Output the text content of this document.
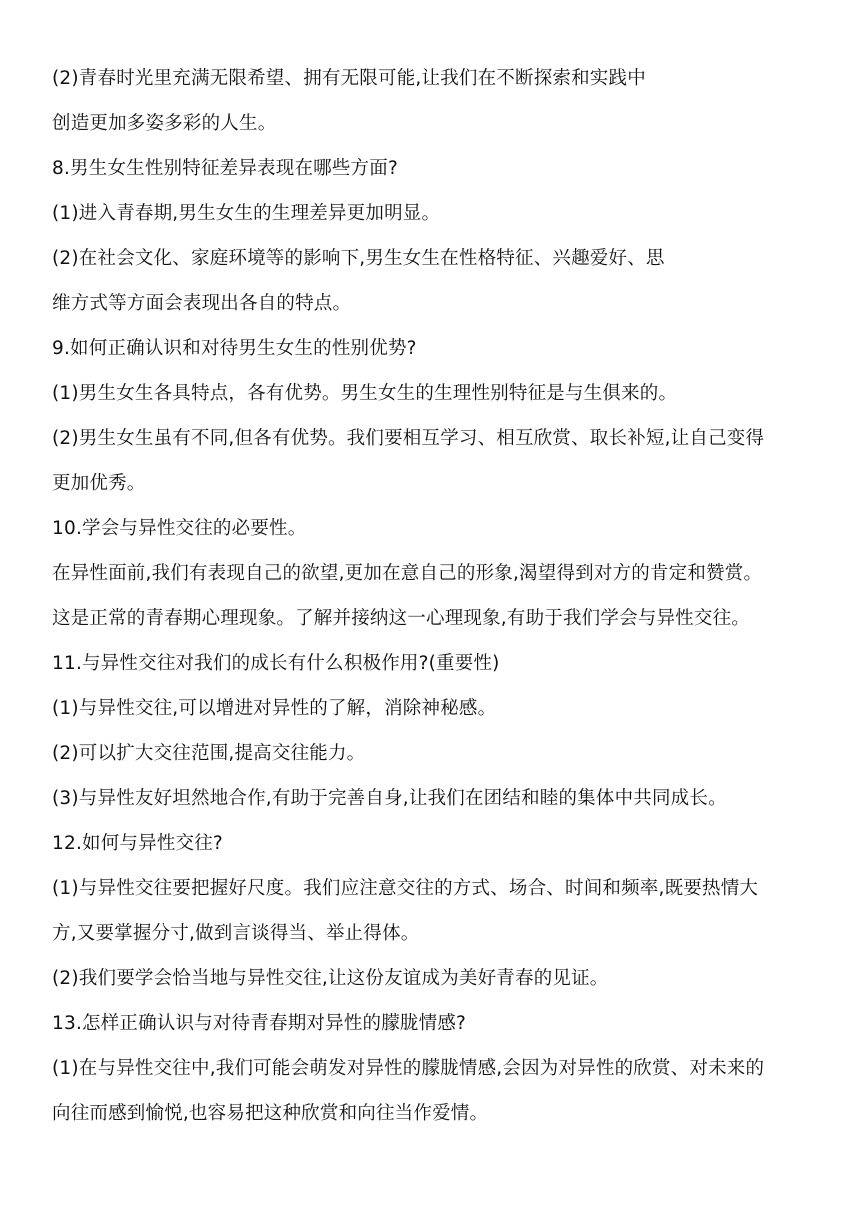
(2)青春时光里充满无限希望、拥有无限可能,让我们在不断探索和实践中
创造更加多姿多彩的人生。
8.男生女生性别特征差异表现在哪些方面?
(1)进入青春期,男生女生的生理差异更加明显。
(2)在社会文化、家庭环境等的影响下,男生女生在性格特征、兴趣爱好、思
维方式等方面会表现出各自的特点。
9.如何正确认识和对待男生女生的性别优势?
(1)男生女生各具特点，各有优势。男生女生的生理性别特征是与生俱来的。
(2)男生女生虽有不同,但各有优势。我们要相互学习、相互欣赏、取长补短,让自己变得
更加优秀。
10.学会与异性交往的必要性。
在异性面前,我们有表现自己的欲望,更加在意自己的形象,渴望得到对方的肯定和赞赏。
这是正常的青春期心理现象。了解并接纳这一心理现象,有助于我们学会与异性交往。
11.与异性交往对我们的成长有什么积极作用?(重要性)
(1)与异性交往,可以增进对异性的了解，消除神秘感。
(2)可以扩大交往范围,提高交往能力。
(3)与异性友好坦然地合作,有助于完善自身,让我们在团结和睦的集体中共同成长。
12.如何与异性交往?
(1)与异性交往要把握好尺度。我们应注意交往的方式、场合、时间和频率,既要热情大
方,又要掌握分寸,做到言谈得当、举止得体。
(2)我们要学会恰当地与异性交往,让这份友谊成为美好青春的见证。
13.怎样正确认识与对待青春期对异性的朦胧情感?
(1)在与异性交往中,我们可能会萌发对异性的朦胧情感,会因为对异性的欣赏、对未来的
向往而感到愉悦,也容易把这种欣赏和向往当作爱情。
